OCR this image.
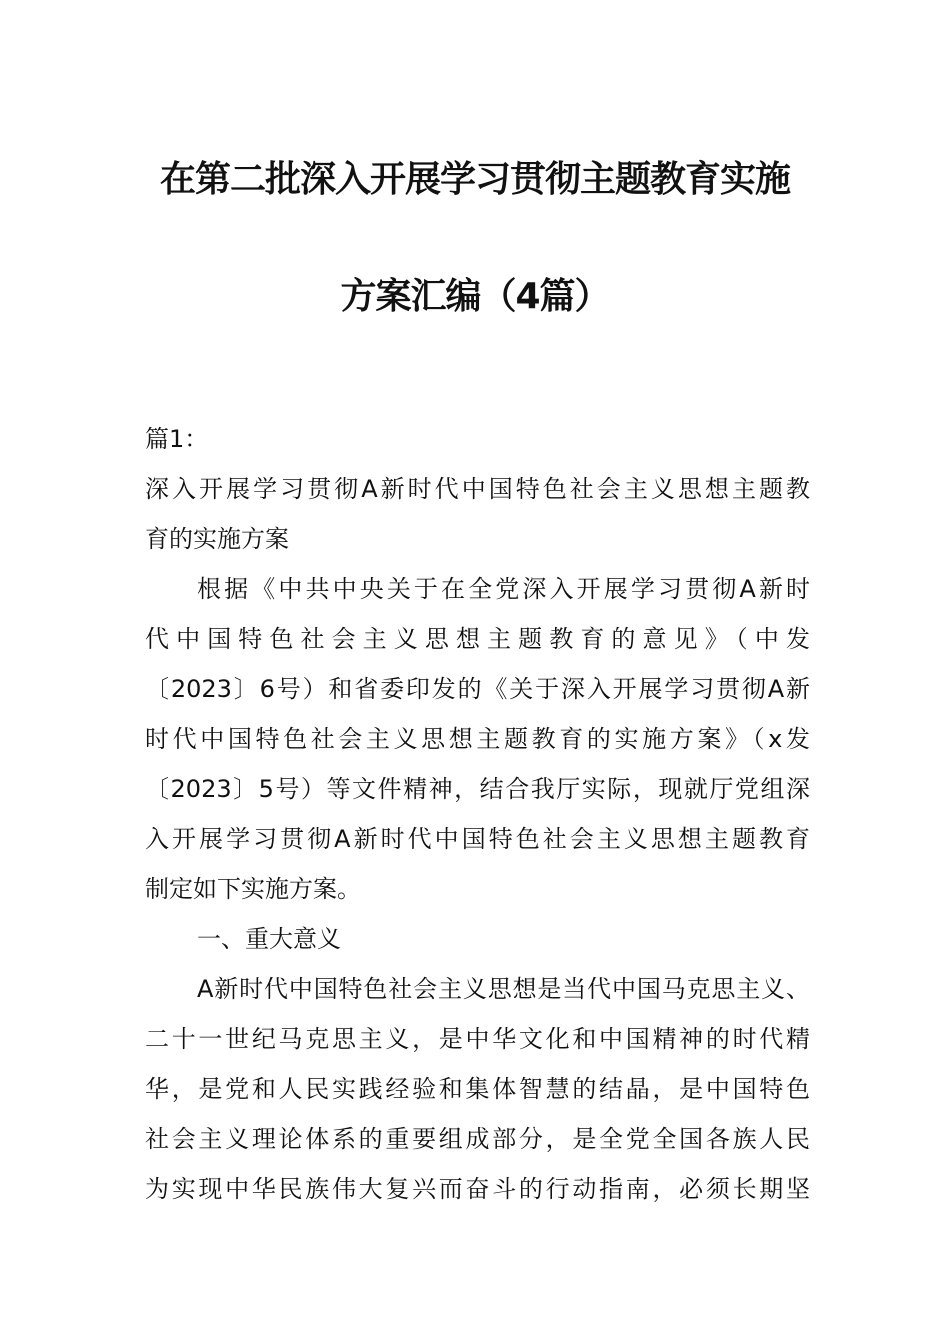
在第二批深入开展学习贯彻主题教育实施
方案汇编（4篇）
篇1：
深入开展学习贯彻A新时代中国特色社会主义思想主题教
育的实施方案
根据《中共中央关于在全党深入开展学习贯彻A新时
代中国特色社会主义思想主题教育的意见》（中发
〔2023〕6号）和省委印发的《关于深入开展学习贯彻A新
时代中国特色社会主义思想主题教育的实施方案》（x发
〔2023〕5号）等文件精神，结合我厅实际，现就厅党组深
入开展学习贯彻A新时代中国特色社会主义思想主题教育
制定如下实施方案。
一、重大意义
A新时代中国特色社会主义思想是当代中国马克思主义、
二十一世纪马克思主义，是中华文化和中国精神的时代精
华，是党和人民实践经验和集体智慧的结晶，是中国特色
社会主义理论体系的重要组成部分，是全党全国各族人民
为实现中华民族伟大复兴而奋斗的行动指南，必须长期坚
